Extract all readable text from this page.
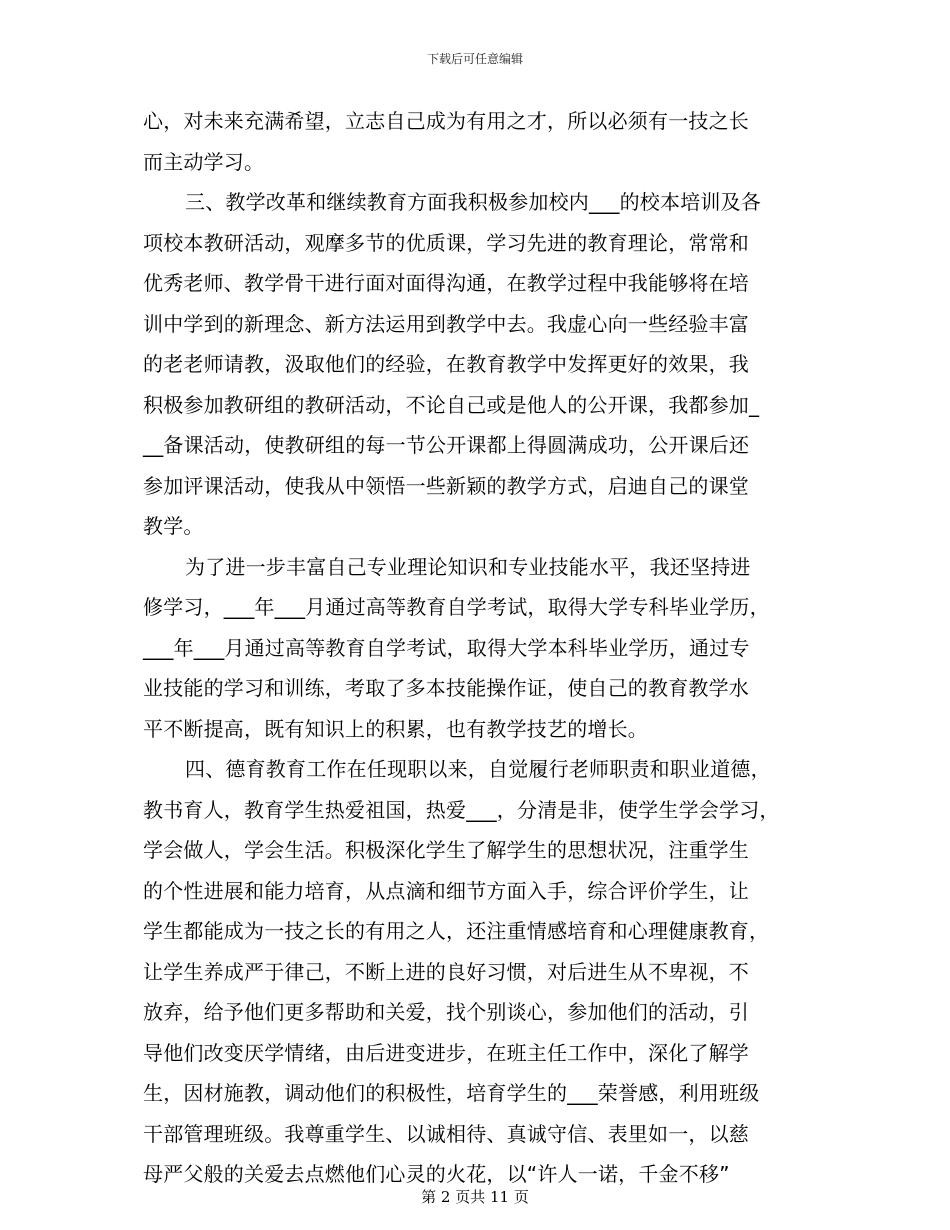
下载后可任意编辑
心，对未来充满希望，立志自己成为有用之才，所以必须有一技之长
而主动学习。
三、教学改革和继续教育方面我积极参加校内___的校本培训及各
项校本教研活动，观摩多节的优质课，学习先进的教育理论，常常和
优秀老师、教学骨干进行面对面得沟通，在教学过程中我能够将在培
训中学到的新理念、新方法运用到教学中去。我虚心向一些经验丰富
的老老师请教，汲取他们的经验，在教育教学中发挥更好的效果，我
积极参加教研组的教研活动，不论自己或是他人的公开课，我都参加_
__备课活动，使教研组的每一节公开课都上得圆满成功，公开课后还
参加评课活动，使我从中领悟一些新颖的教学方式，启迪自己的课堂
教学。
为了进一步丰富自己专业理论知识和专业技能水平，我还坚持进
修学习，___年___月通过高等教育自学考试，取得大学专科毕业学历，
___年___月通过高等教育自学考试，取得大学本科毕业学历，通过专
业技能的学习和训练，考取了多本技能操作证，使自己的教育教学水
平不断提高，既有知识上的积累，也有教学技艺的增长。
四、德育教育工作在任现职以来，自觉履行老师职责和职业道德，
教书育人，教育学生热爱祖国，热爱___，分清是非，使学生学会学习，
学会做人，学会生活。积极深化学生了解学生的思想状况，注重学生
的个性进展和能力培育，从点滴和细节方面入手，综合评价学生，让
学生都能成为一技之长的有用之人，还注重情感培育和心理健康教育，
让学生养成严于律己，不断上进的良好习惯，对后进生从不卑视，不
放弃，给予他们更多帮助和关爱，找个别谈心，参加他们的活动，引
导他们改变厌学情绪，由后进变进步，在班主任工作中，深化了解学
生，因材施教，调动他们的积极性，培育学生的___荣誉感，利用班级
干部管理班级。我尊重学生、以诚相待、真诚守信、表里如一，以慈
母严父般的关爱去点燃他们心灵的火花，以“许人一诺，千金不移”
第 2 页共 11 页
